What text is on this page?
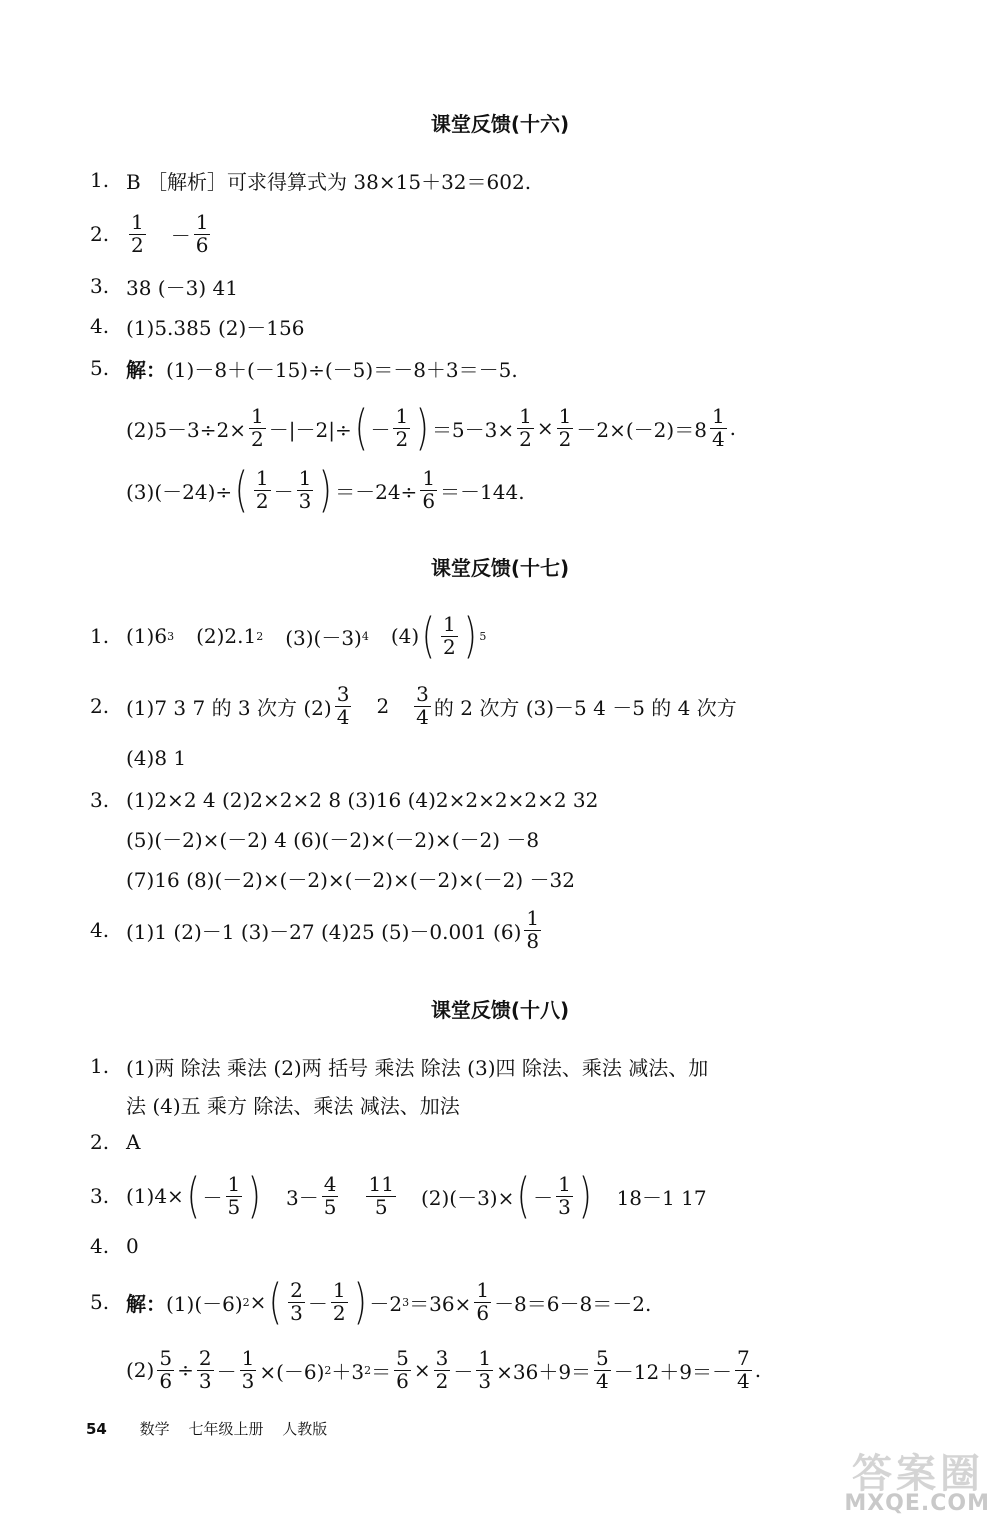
课堂反馈(十六)
1. B ［解析］可求得算式为 38×15＋32＝602.
2.
1
2 －
1
6
3. 38 (－3) 41
4. (1)5.385 (2)－156
5. 解： (1)－8＋(－15)÷(－5)＝－8＋3＝－5.
$(2)5-3\div 2\times \frac{1}{2} -|-2|\div$ ( －
1
2 ) $=5-3\times \frac{1}{2} \times \frac{1}{2} -2\times(-2)=8$
1
4 .
(3)(－24)÷ ( 1
2 －
1
3 ) $=-24\div \frac{1}{6} =-144$.
课堂反馈(十七)
1. (1)6 3 (2)2.1 2 (3)(－3) 4 (4) ( 1
2 ) 5
2. (1)7 3 7 的 3 次方 (2)
3
4 2
3
4 的 2 次方 (3)－5 4 －5 的 4 次方
(4)8 1
3. (1)2×2 4 (2)2×2×2 8 (3)16 (4)2×2×2×2×2 32
(5)(－2)×(－2) 4 (6)(－2)×(－2)×(－2) －8
(7)16 (8)(－2)×(－2)×(－2)×(－2)×(－2) －32
4. (1)1 (2)－1 (3)－27 (4)25 (5)－0.001 (6)
1
8
课堂反馈(十八)
1. (1)两 除法 乘法 (2)两 括号 乘法 除法 (3)四 除法、乘法 减法、加
法 (4)五 乘方 除法、乘法 减法、加法
2. A
3. (1)4× ( －
1
5 ) 3－
4
5
11
5 (2)(－3)× ( －
1
3 ) 18－1 17
4. 0
5. 解： (1)(－6) 2 × ( 2
3 －
1
2 ) －2 $3 =36\times \frac{1}{6} -8=6-8=-2$.
$(2) \frac{5}{6} \div \frac{2}{3} - \frac{1}{3} \times(-6)$ 2 ＋3 $2 = \frac{5}{6} \times \frac{3}{2} - \frac{1}{3} \times 36+9=$
5
4 －12＋9＝－
7
4 .
54 数学 七年级上册 人教版
答案圈
MXQE.COM
